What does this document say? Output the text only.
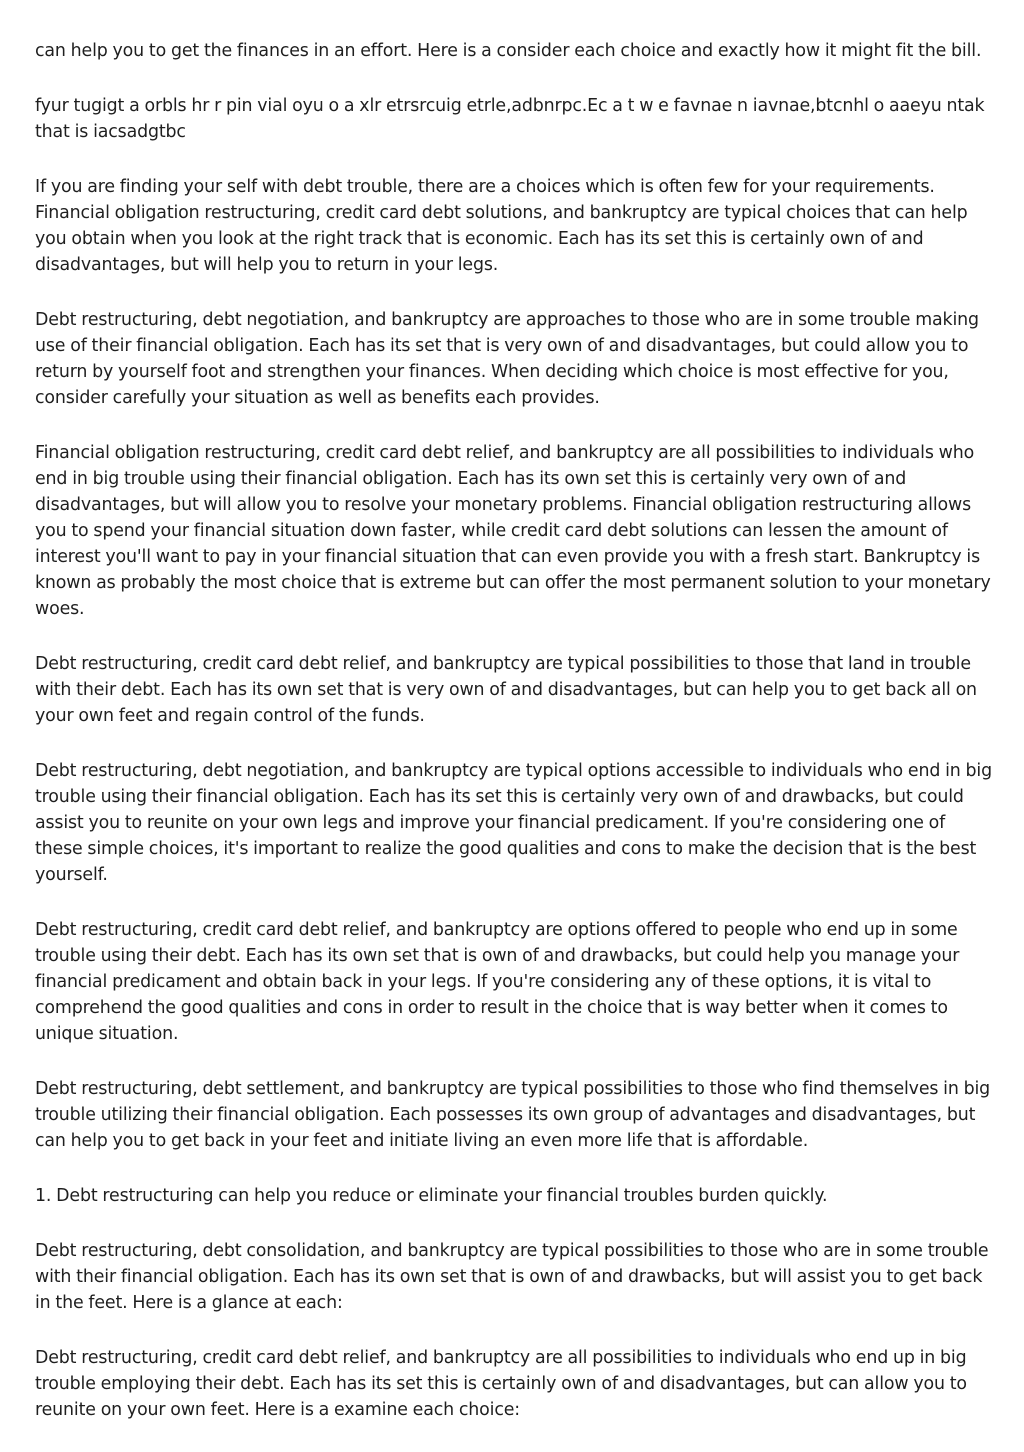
can help you to get the finances in an effort. Here is a consider each choice and exactly how it might fit the bill.

fyur tugigt a orbls hr r pin vial oyu o a xlr etrsrcuig etrle,adbnrpc.Ec a t w e favnae n iavnae,btcnhl o aaeyu ntak that is iacsadgtbc

If you are finding your self with debt trouble, there are a choices which is often few for your requirements. Financial obligation restructuring, credit card debt solutions, and bankruptcy are typical choices that can help you obtain when you look at the right track that is economic. Each has its set this is certainly own of and disadvantages, but will help you to return in your legs.

Debt restructuring, debt negotiation, and bankruptcy are approaches to those who are in some trouble making use of their financial obligation. Each has its set that is very own of and disadvantages, but could allow you to return by yourself foot and strengthen your finances. When deciding which choice is most effective for you, consider carefully your situation as well as benefits each provides.

Financial obligation restructuring, credit card debt relief, and bankruptcy are all possibilities to individuals who end in big trouble using their financial obligation. Each has its own set this is certainly very own of and disadvantages, but will allow you to resolve your monetary problems. Financial obligation restructuring allows you to spend your financial situation down faster, while credit card debt solutions can lessen the amount of interest you'll want to pay in your financial situation that can even provide you with a fresh start. Bankruptcy is known as probably the most choice that is extreme but can offer the most permanent solution to your monetary woes.

Debt restructuring, credit card debt relief, and bankruptcy are typical possibilities to those that land in trouble with their debt. Each has its own set that is very own of and disadvantages, but can help you to get back all on your own feet and regain control of the funds.

Debt restructuring, debt negotiation, and bankruptcy are typical options accessible to individuals who end in big trouble using their financial obligation. Each has its set this is certainly very own of and drawbacks, but could assist you to reunite on your own legs and improve your financial predicament. If you're considering one of these simple choices, it's important to realize the good qualities and cons to make the decision that is the best yourself.

Debt restructuring, credit card debt relief, and bankruptcy are options offered to people who end up in some trouble using their debt. Each has its own set that is own of and drawbacks, but could help you manage your financial predicament and obtain back in your legs. If you're considering any of these options, it is vital to comprehend the good qualities and cons in order to result in the choice that is way better when it comes to unique situation.

Debt restructuring, debt settlement, and bankruptcy are typical possibilities to those who find themselves in big trouble utilizing their financial obligation. Each possesses its own group of advantages and disadvantages, but can help you to get back in your feet and initiate living an even more life that is affordable.

1. Debt restructuring can help you reduce or eliminate your financial troubles burden quickly.

Debt restructuring, debt consolidation, and bankruptcy are typical possibilities to those who are in some trouble with their financial obligation. Each has its own set that is own of and drawbacks, but will assist you to get back in the feet. Here is a glance at each:

Debt restructuring, credit card debt relief, and bankruptcy are all possibilities to individuals who end up in big trouble employing their debt. Each has its set this is certainly own of and disadvantages, but can allow you to reunite on your own feet. Here is a examine each choice:
